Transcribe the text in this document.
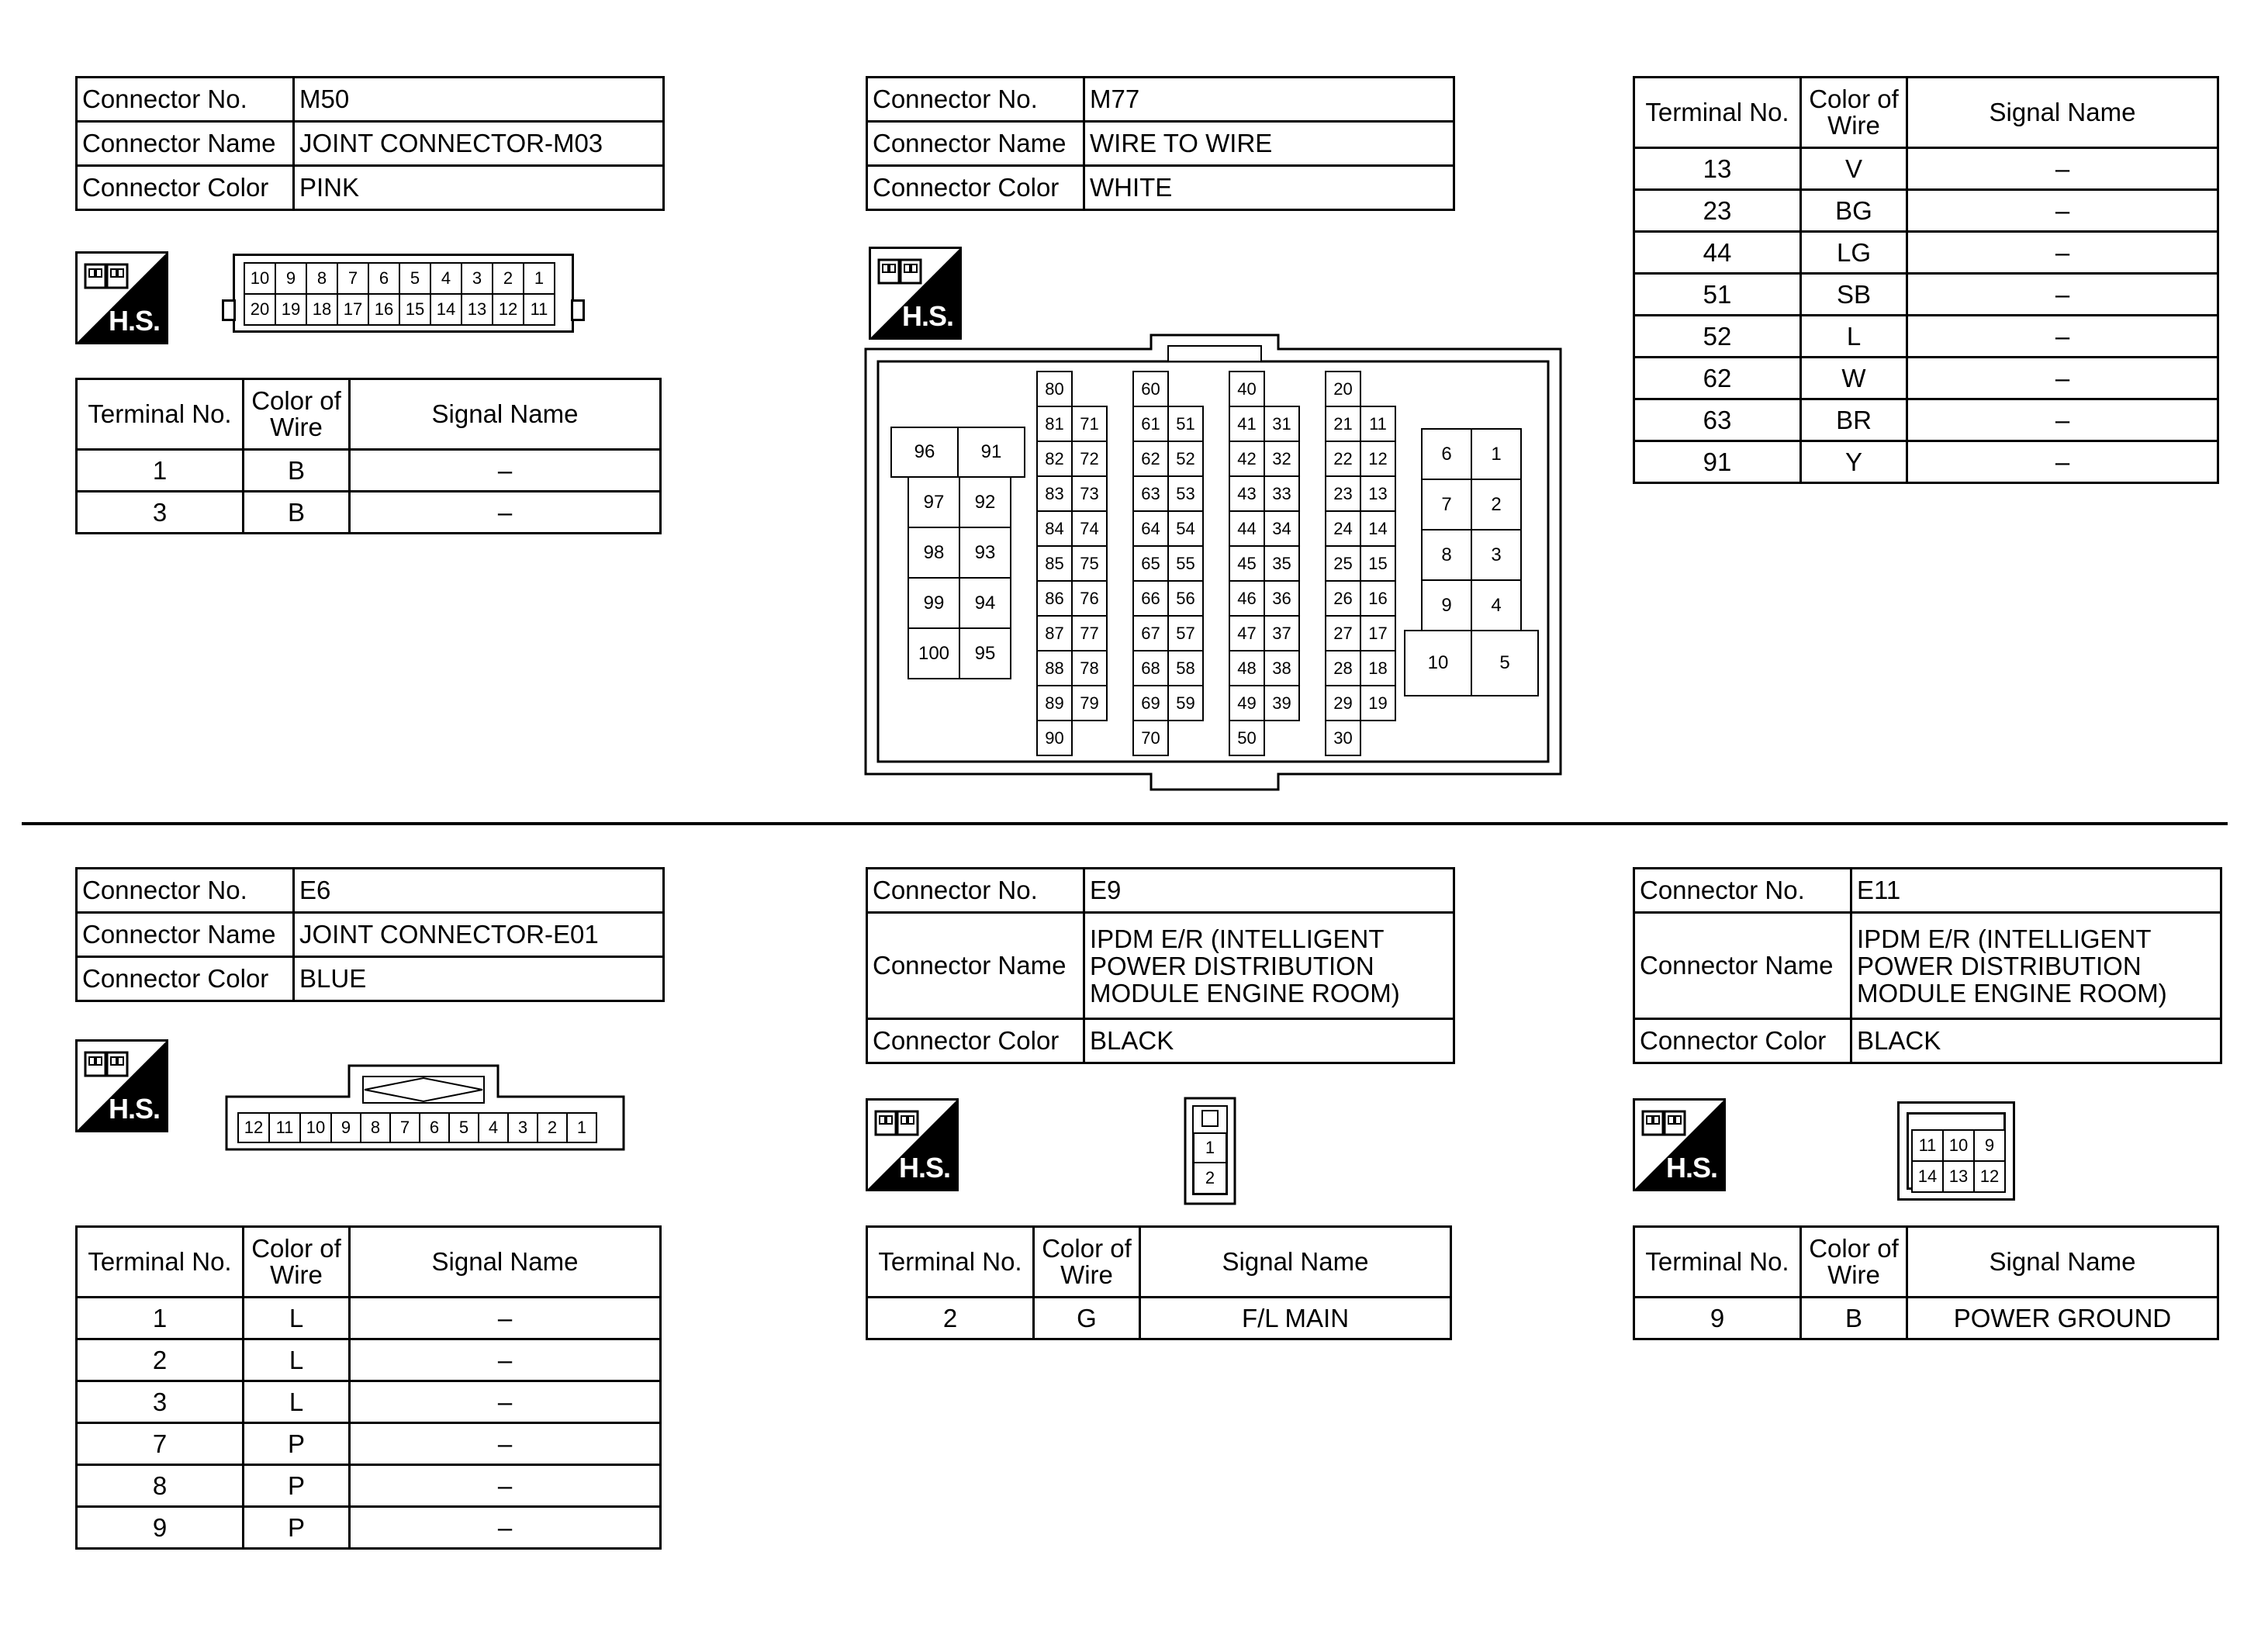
Connector No.	M50
Connector Name	JOINT CONNECTOR-M03
Connector Color	PINK
H.S.
10 9	8	7	6	5	4	3	2	1
20 19 18 17 16 15 14 13 12 11
Terminal No.	Color of Wire	Signal Name
1	B	–
3	B	–
Connector No.	M77
Connector Name	WIRE TO WIRE
Connector Color	WHITE
H.S.
96	91
97	92
98	93
99	94
100	95
80
81
82
83
84
85
86
87
88
89
90
71
72
73
74
75
76
77
78
79
60
61
62
63
64
65
66
67
68
69
70
51
52
53
54
55
56
57
58
59
40
41
42
43
44
45
46
47
48
49
50
31
32
33
34
35
36
37
38
39
20
21
22
23
24
25
26
27
28
29
30
11
12
13
14
15
16
17
18
19
6	1
7	2
8	3
9	4
10	5
Terminal No.	Color of Wire	Signal Name
13	V	–
23	BG	–
44	LG	–
51	SB	–
52	L	–
62	W	–
63	BR	–
91	Y	–
Connector No.	E6
Connector Name	JOINT CONNECTOR-E01
Connector Color	BLUE
H.S.
12 11 10 9	8	7	6	5	4	3	2	1
Terminal No.	Color of Wire	Signal Name
1	L	–
2	L	–
3	L	–
7	P	–
8	P	–
9	P	–
Connector No.	E9
Connector Name	IPDM E/R (INTELLIGENT POWER DISTRIBUTION MODULE ENGINE ROOM)
Connector Color	BLACK
H.S.
1
2
Terminal No.	Color of Wire	Signal Name
2	G	F/L MAIN
Connector No.	E11
Connector Name	IPDM E/R (INTELLIGENT POWER DISTRIBUTION MODULE ENGINE ROOM)
Connector Color	BLACK
H.S.
11 10 9
14 13 12
Terminal No.	Color of Wire	Signal Name
9	B	POWER GROUND
